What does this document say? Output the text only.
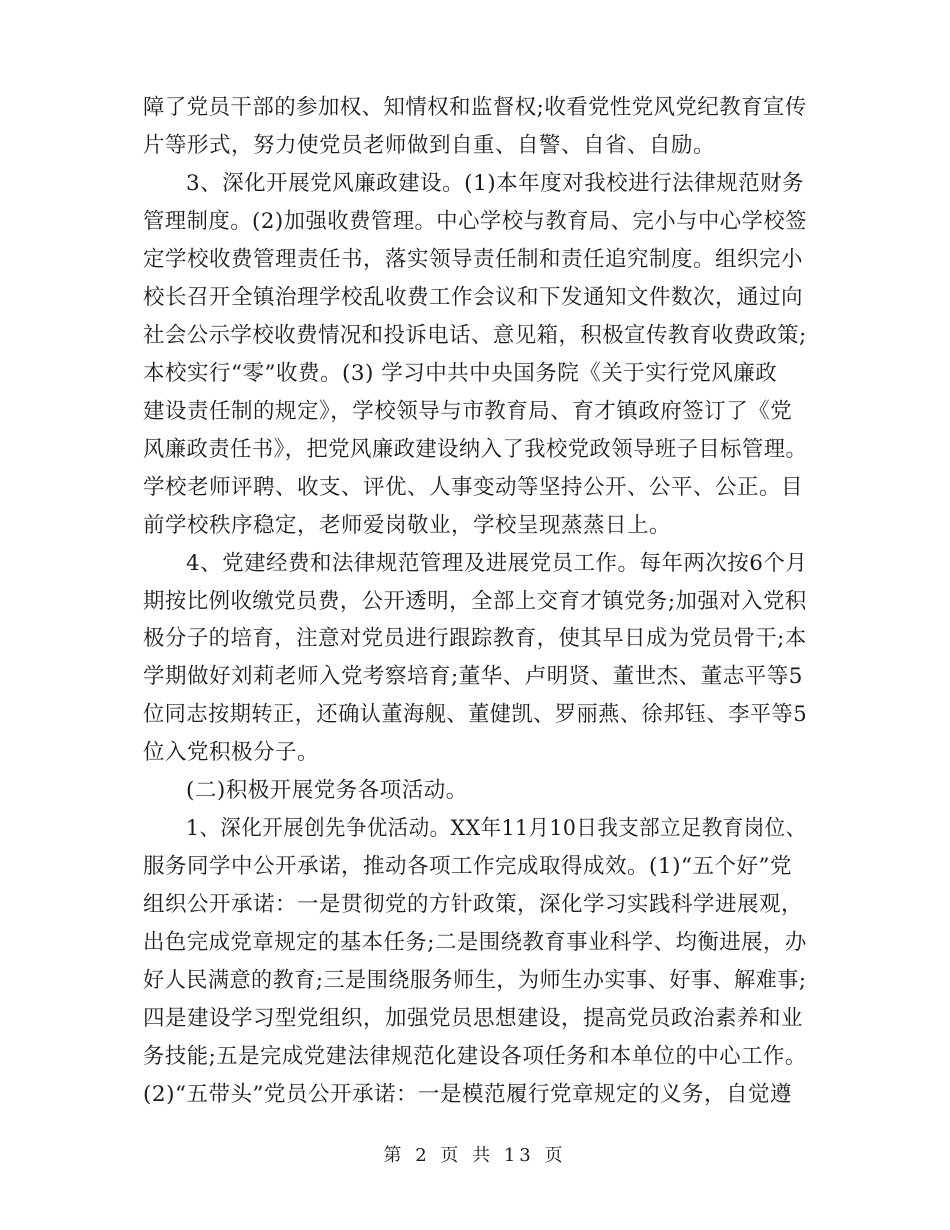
障了党员干部的参加权、知情权和监督权;收看党性党风党纪教育宣传
片等形式，努力使党员老师做到自重、自警、自省、自励。
3、深化开展党风廉政建设。(1)本年度对我校进行法律规范财务
管理制度。(2)加强收费管理。中心学校与教育局、完小与中心学校签
定学校收费管理责任书，落实领导责任制和责任追究制度。组织完小
校长召开全镇治理学校乱收费工作会议和下发通知文件数次，通过向
社会公示学校收费情况和投诉电话、意见箱，积极宣传教育收费政策;
本校实行“零”收费。(3) 学习中共中央国务院《关于实行党风廉政
建设责任制的规定》，学校领导与市教育局、育才镇政府签订了《党
风廉政责任书》，把党风廉政建设纳入了我校党政领导班子目标管理。
学校老师评聘、收支、评优、人事变动等坚持公开、公平、公正。目
前学校秩序稳定，老师爱岗敬业，学校呈现蒸蒸日上。
4、党建经费和法律规范管理及进展党员工作。每年两次按6个月
期按比例收缴党员费，公开透明，全部上交育才镇党务;加强对入党积
极分子的培育，注意对党员进行跟踪教育，使其早日成为党员骨干;本
学期做好刘莉老师入党考察培育;董华、卢明贤、董世杰、董志平等5
位同志按期转正，还确认董海舰、董健凯、罗丽燕、徐邦钰、李平等5
位入党积极分子。
(二)积极开展党务各项活动。
1、深化开展创先争优活动。XX年11月10日我支部立足教育岗位、
服务同学中公开承诺，推动各项工作完成取得成效。(1)“五个好”党
组织公开承诺：一是贯彻党的方针政策，深化学习实践科学进展观，
出色完成党章规定的基本任务;二是围绕教育事业科学、均衡进展，办
好人民满意的教育;三是围绕服务师生，为师生办实事、好事、解难事;
四是建设学习型党组织，加强党员思想建设，提高党员政治素养和业
务技能;五是完成党建法律规范化建设各项任务和本单位的中心工作。
(2)“五带头”党员公开承诺：一是模范履行党章规定的义务，自觉遵
第 2 页 共 13 页
